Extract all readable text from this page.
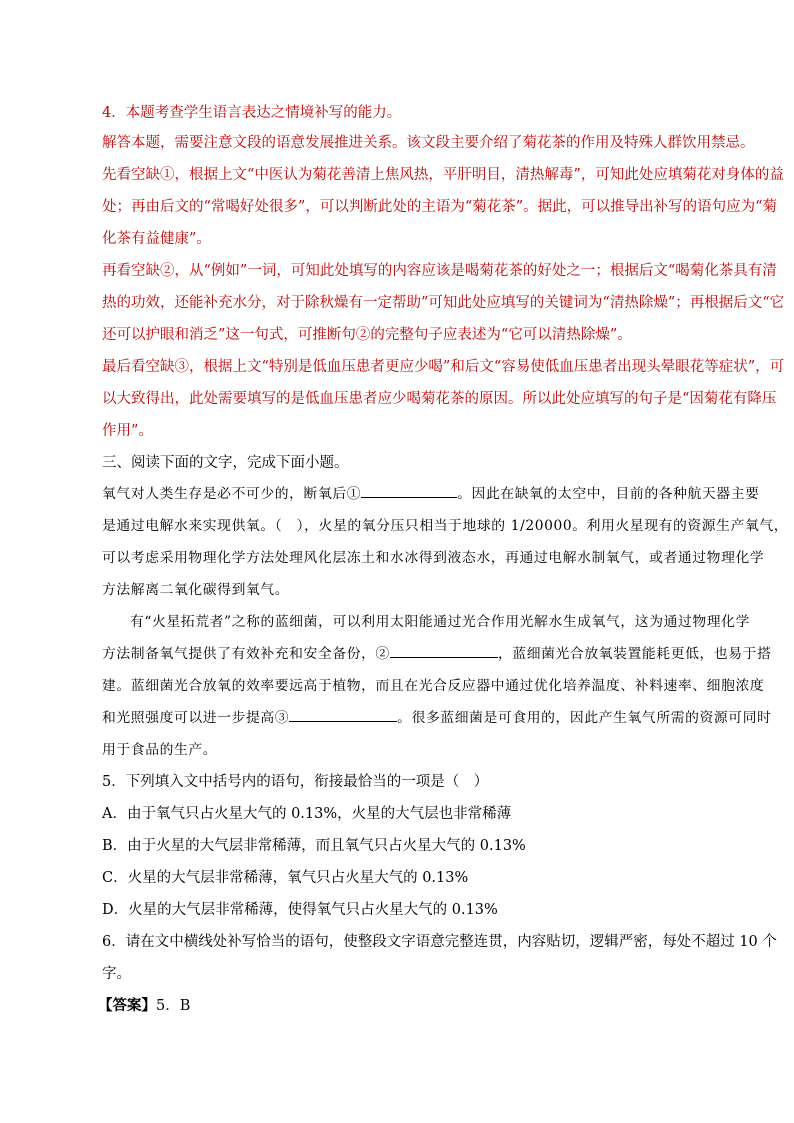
4．本题考查学生语言表达之情境补写的能力。
解答本题，需要注意文段的语意发展推进关系。该文段主要介绍了菊花茶的作用及特殊人群饮用禁忌。
先看空缺①，根据上文“中医认为菊花善清上焦风热，平肝明目，清热解毒”，可知此处应填菊花对身体的益
处；再由后文的“常喝好处很多”，可以判断此处的主语为“菊花茶”。据此，可以推导出补写的语句应为“菊
化茶有益健康”。
再看空缺②，从“例如”一词，可知此处填写的内容应该是喝菊花茶的好处之一；根据后文“喝菊化茶具有清
热的功效，还能补充水分，对于除秋燥有一定帮助”可知此处应填写的关键词为“清热除燥”；再根据后文“它
还可以护眼和消乏”这一句式，可推断句②的完整句子应表述为“它可以清热除燥”。
最后看空缺③，根据上文“特别是低血压患者更应少喝”和后文“容易使低血压患者出现头晕眼花等症状”，可
以大致得出，此处需要填写的是低血压患者应少喝菊花茶的原因。所以此处应填写的句子是“因菊花有降压
作用”。
三、阅读下面的文字，完成下面小题。
氧气对人类生存是必不可少的，断氧后①	。因此在缺氧的太空中，目前的各种航天器主要
是通过电解水来实现供氧。（　），火星的氧分压只相当于地球的 1/20000。利用火星现有的资源生产氧气，
可以考虑采用物理化学方法处理风化层冻土和水冰得到液态水，再通过电解水制氧气，或者通过物理化学
方法解离二氧化碳得到氧气。
有“火星拓荒者”之称的蓝细菌，可以利用太阳能通过光合作用光解水生成氧气，这为通过物理化学
方法制备氧气提供了有效补充和安全备份，②	，蓝细菌光合放氧装置能耗更低，也易于搭
建。蓝细菌光合放氧的效率要远高于植物，而且在光合反应器中通过优化培养温度、补料速率、细胞浓度
和光照强度可以进一步提高③	。很多蓝细菌是可食用的，因此产生氧气所需的资源可同时
用于食品的生产。
5．下列填入文中括号内的语句，衔接最恰当的一项是（　）
A．由于氧气只占火星大气的 0.13%，火星的大气层也非常稀薄
B．由于火星的大气层非常稀薄，而且氧气只占火星大气的 0.13%
C．火星的大气层非常稀薄，氧气只占火星大气的 0.13%
D．火星的大气层非常稀薄，使得氧气只占火星大气的 0.13%
6．请在文中横线处补写恰当的语句，使整段文字语意完整连贯，内容贴切，逻辑严密，每处不超过 10 个
字。
【答案】5．B
